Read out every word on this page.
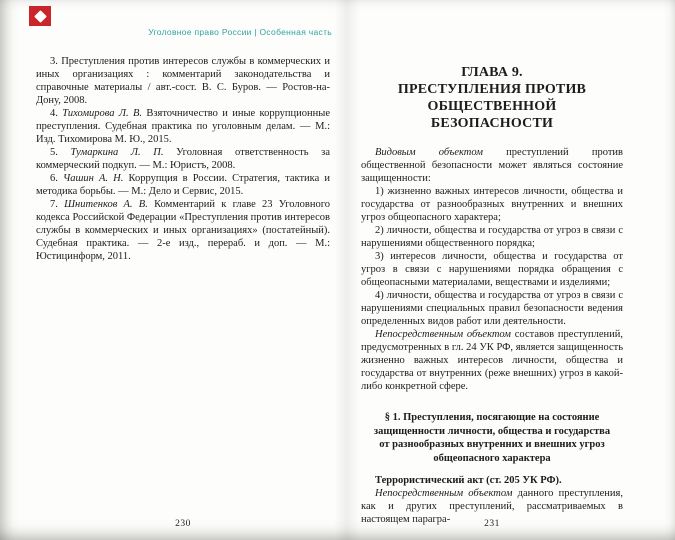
Уголовное право России | Особенная часть

3. Преступления против интересов службы в коммерческих и иных организациях : комментарий законодательства и справочные материалы / авт.-сост. В. С. Буров. — Ростов-на-Дону, 2008.

4. Тихомирова Л. В. Взяточничество и иные коррупционные преступления. Судебная практика по уголовным делам. — М.: Изд. Тихомирова М. Ю., 2015.

5. Тумаркина Л. П. Уголовная ответственность за коммерческий подкуп. — М.: Юристъ, 2008.

6. Чашин А. Н. Коррупция в России. Стратегия, тактика и методика борьбы. — М.: Дело и Сервис, 2015.

7. Шнитенков А. В. Комментарий к главе 23 Уголовного кодекса Российской Федерации «Преступления против интересов службы в коммерческих и иных организациях» (постатейный). Судебная практика. — 2-е изд., перераб. и доп. — М.: Юстицинформ, 2011.

ГЛАВА 9.
ПРЕСТУПЛЕНИЯ ПРОТИВ
ОБЩЕСТВЕННОЙ
БЕЗОПАСНОСТИ

Видовым объектом преступлений против общественной безопасности может являться состояние защищенности:

1) жизненно важных интересов личности, общества и государства от разнообразных внутренних и внешних угроз общеопасного характера;

2) личности, общества и государства от угроз в связи с нарушениями общественного порядка;

3) интересов личности, общества и государства от угроз в связи с нарушениями порядка обращения с общеопасными материалами, веществами и изделиями;

4) личности, общества и государства от угроз в связи с нарушениями специальных правил безопасности ведения определенных видов работ или деятельности.

Непосредственным объектом составов преступлений, предусмотренных в гл. 24 УК РФ, является защищенность жизненно важных интересов личности, общества и государства от внутренних (реже внешних) угроз в какой-либо конкретной сфере.

§ 1. Преступления, посягающие на состояние
защищенности личности, общества и государства
от разнообразных внутренних и внешних угроз
общеопасного характера

Террористический акт (ст. 205 УК РФ).

Непосредственным объектом данного преступления, как и других преступлений, рассматриваемых в настоящем парагра-

230	231
